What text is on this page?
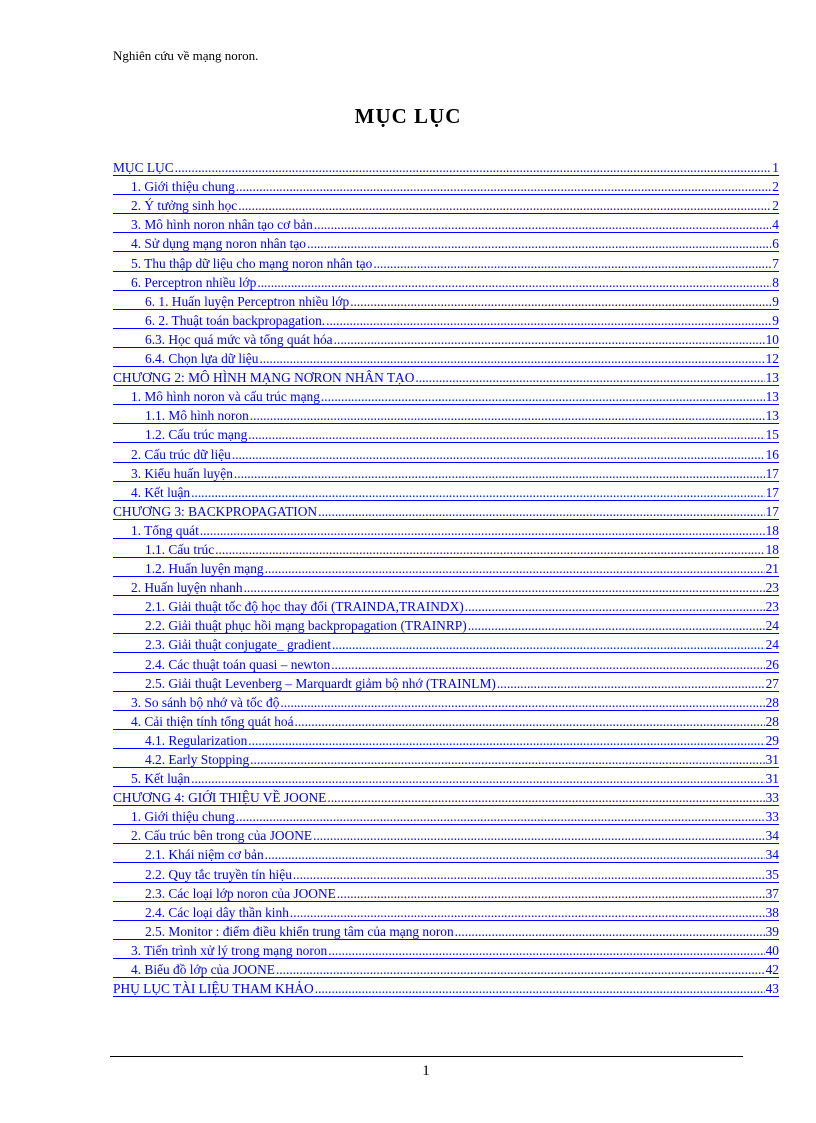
Nghiên cứu về mạng noron.
MỤC LỤC
MỤC LỤC .....	1
1. Giới thiệu chung .....	2
2. Ý tưởng sinh học .....	2
3. Mô hình noron nhân tạo cơ bản .....	4
4. Sử dụng mạng noron nhân tạo .....	6
5. Thu thập dữ liệu cho mạng noron nhân tạo .....	7
6. Perceptron nhiều lớp .....	8
6. 1. Huấn luyện Perceptron nhiều lớp .....	9
6. 2. Thuật toán backpropagation. .....	9
6.3. Học quá mức và tổng quát hóa .....	10
6.4. Chọn lựa dữ liệu .....	12
CHƯƠNG 2: MÔ HÌNH MẠNG NƠRON NHÂN TẠO .....	13
1. Mô hình noron và cấu trúc mạng .....	13
1.1. Mô hình noron .....	13
1.2. Cấu trúc mạng .....	15
2. Cấu trúc dữ liệu .....	16
3. Kiểu huấn luyện .....	17
4. Kết luận .....	17
CHƯƠNG 3: BACKPROPAGATION .....	17
1. Tổng quát .....	18
1.1. Cấu trúc .....	18
1.2. Huấn luyện mạng .....	21
2. Huấn luyện nhanh .....	23
2.1. Giải thuật tốc độ học thay đổi (TRAINDA,TRAINDX) .....	23
2.2. Giải thuật phục hồi mạng backpropagation (TRAINRP) .....	24
2.3. Giải thuật conjugate_ gradient .....	24
2.4. Các thuật toán quasi – newton .....	26
2.5. Giải thuật Levenberg – Marquardt giảm bộ nhớ (TRAINLM) .....	27
3. So sánh bộ nhớ và tốc độ .....	28
4. Cải thiện tính tổng quát hoá .....	28
4.1. Regularization .....	29
4.2. Early Stopping .....	31
5. Kết luận .....	31
CHƯƠNG 4: GIỚI THIỆU VỀ JOONE .....	33
1. Giới thiệu chung .....	33
2. Cấu trúc bên trong của JOONE .....	34
2.1. Khái niệm cơ bản .....	34
2.2. Quy tắc truyền tín hiệu .....	35
2.3. Các loại lớp noron của JOONE .....	37
2.4. Các loại dây thần kinh .....	38
2.5. Monitor : điểm điều khiển trung tâm của mạng noron .....	39
3. Tiến trình xử lý trong mạng noron .....	40
4. Biểu đồ lớp của JOONE .....	42
PHỤ LỤC TÀI LIỆU THAM KHẢO .....	43
1
